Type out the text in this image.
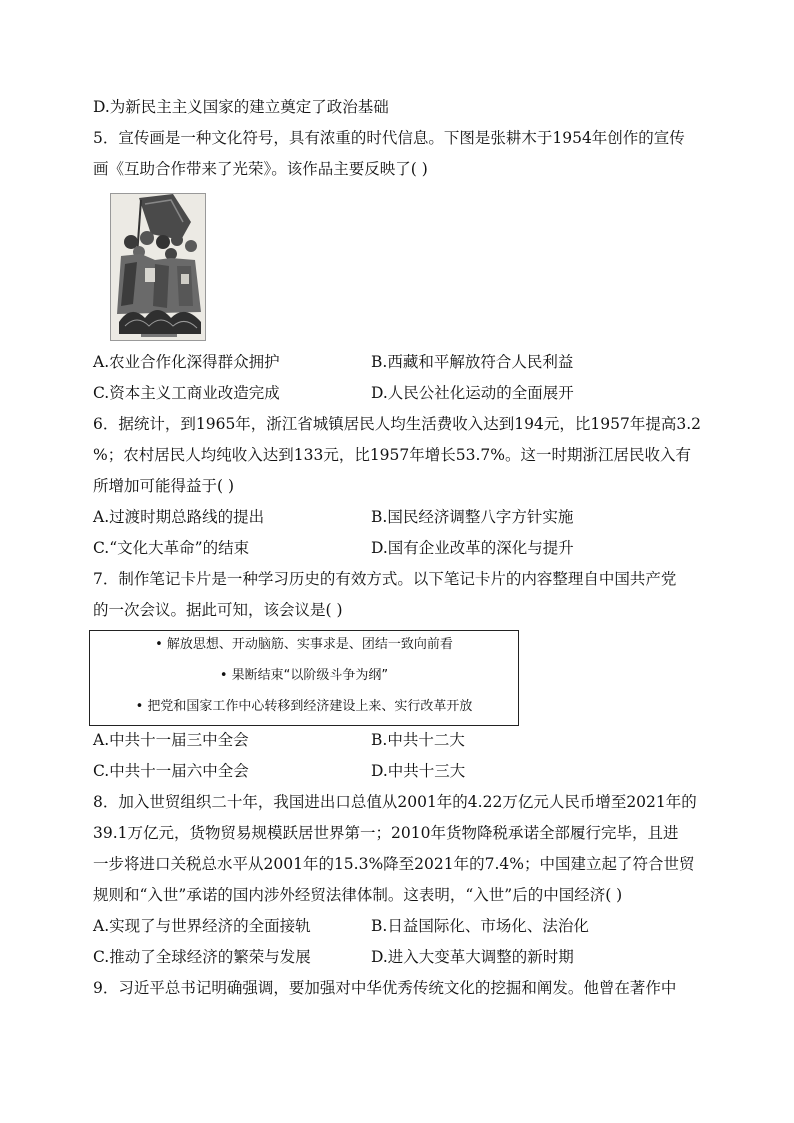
D.为新民主主义国家的建立奠定了政治基础
5．宣传画是一种文化符号，具有浓重的时代信息。下图是张耕木于1954年创作的宣传
画《互助合作带来了光荣》。该作品主要反映了( )
A.农业合作化深得群众拥护	B.西藏和平解放符合人民利益
C.资本主义工商业改造完成	D.人民公社化运动的全面展开
6．据统计，到1965年，浙江省城镇居民人均生活费收入达到194元，比1957年提高3.2
%；农村居民人均纯收入达到133元，比1957年增长53.7%。这一时期浙江居民收入有
所增加可能得益于( )
A.过渡时期总路线的提出	B.国民经济调整八字方针实施
C.“文化大革命”的结束	D.国有企业改革的深化与提升
7．制作笔记卡片是一种学习历史的有效方式。以下笔记卡片的内容整理自中国共产党
的一次会议。据此可知，该会议是( )
• 解放思想、开动脑筋、实事求是、团结一致向前看
• 果断结束“以阶级斗争为纲”
• 把党和国家工作中心转移到经济建设上来、实行改革开放
A.中共十一届三中全会	B.中共十二大
C.中共十一届六中全会	D.中共十三大
8．加入世贸组织二十年，我国进出口总值从2001年的4.22万亿元人民币增至2021年的
39.1万亿元，货物贸易规模跃居世界第一；2010年货物降税承诺全部履行完毕，且进
一步将进口关税总水平从2001年的15.3%降至2021年的7.4%；中国建立起了符合世贸
规则和“入世”承诺的国内涉外经贸法律体制。这表明，“入世”后的中国经济( )
A.实现了与世界经济的全面接轨	B.日益国际化、市场化、法治化
C.推动了全球经济的繁荣与发展	D.进入大变革大调整的新时期
9．习近平总书记明确强调，要加强对中华优秀传统文化的挖掘和阐发。他曾在著作中
